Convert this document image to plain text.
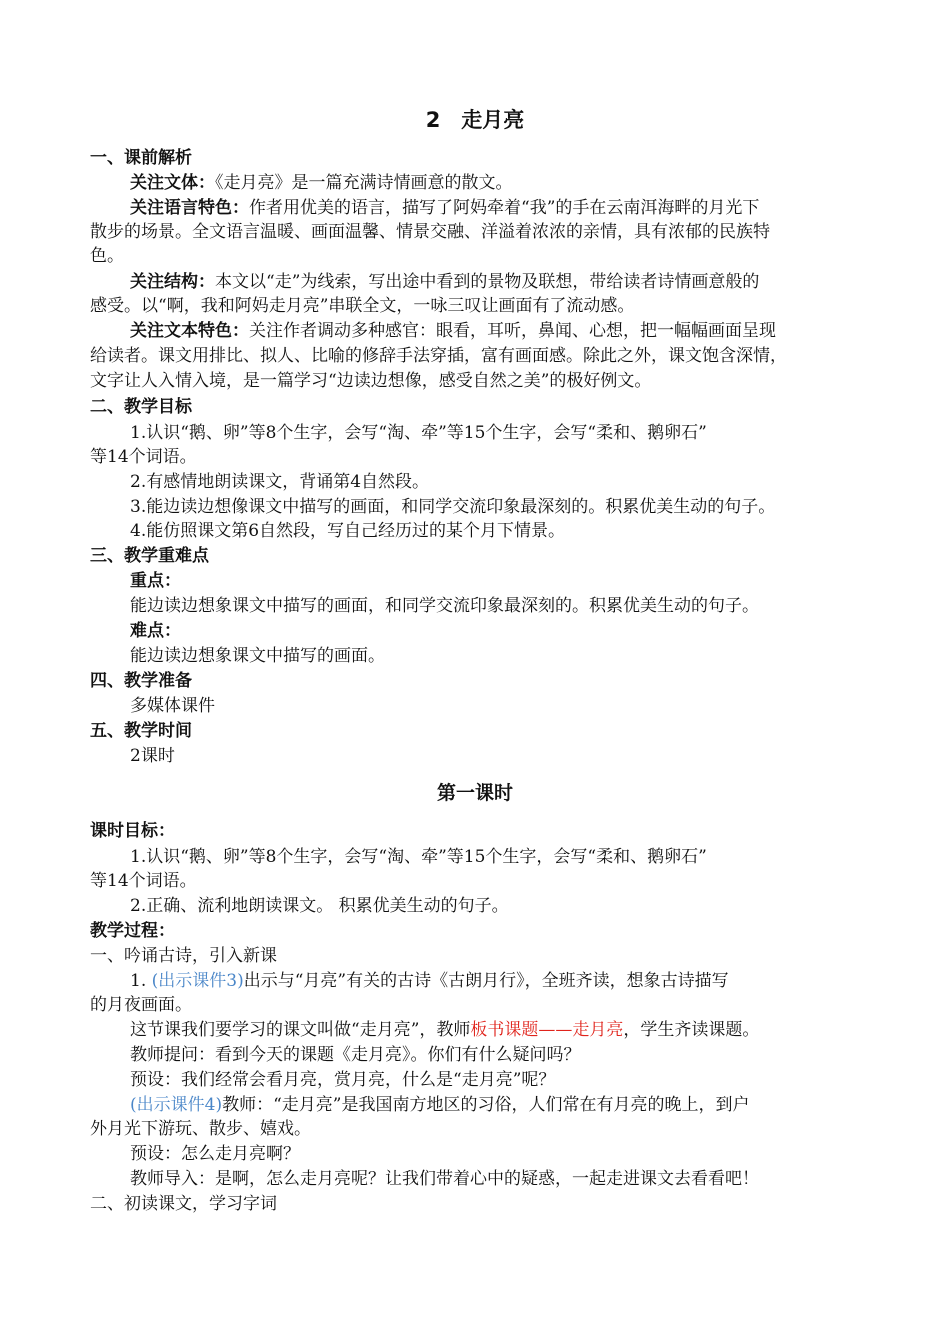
2　走月亮
一、课前解析
关注文体：《走月亮》是一篇充满诗情画意的散文。
关注语言特色：作者用优美的语言，描写了阿妈牵着“我”的手在云南洱海畔的月光下
散步的场景。全文语言温暖、画面温馨、情景交融、洋溢着浓浓的亲情，具有浓郁的民族特
色。
关注结构：本文以“走”为线索，写出途中看到的景物及联想，带给读者诗情画意般的
感受。以“啊，我和阿妈走月亮”串联全文，一咏三叹让画面有了流动感。
关注文本特色：关注作者调动多种感官：眼看，耳听，鼻闻、心想，把一幅幅画面呈现
给读者。课文用排比、拟人、比喻的修辞手法穿插，富有画面感。除此之外，课文饱含深情，
文字让人入情入境，是一篇学习“边读边想像，感受自然之美”的极好例文。
二、教学目标
1.认识“鹅、卵”等8个生字，会写“淘、牵”等15个生字，会写“柔和、鹅卵石”
等14个词语。
2.有感情地朗读课文，背诵第4自然段。
3.能边读边想像课文中描写的画面，和同学交流印象最深刻的。积累优美生动的句子。
4.能仿照课文第6自然段，写自己经历过的某个月下情景。
三、教学重难点
重点：
能边读边想象课文中描写的画面，和同学交流印象最深刻的。积累优美生动的句子。
难点：
能边读边想象课文中描写的画面。
四、教学准备
多媒体课件
五、教学时间
2课时
第一课时
课时目标：
1.认识“鹅、卵”等8个生字，会写“淘、牵”等15个生字，会写“柔和、鹅卵石”
等14个词语。
2.正确、流利地朗读课文。 积累优美生动的句子。
教学过程：
一、吟诵古诗，引入新课
1. (出示课件3)出示与“月亮”有关的古诗《古朗月行》，全班齐读，想象古诗描写
的月夜画面。
这节课我们要学习的课文叫做“走月亮”，教师板书课题——走月亮，学生齐读课题。
教师提问：看到今天的课题《走月亮》。你们有什么疑问吗？
预设：我们经常会看月亮，赏月亮，什么是“走月亮”呢？
(出示课件4)教师：“走月亮”是我国南方地区的习俗，人们常在有月亮的晚上，到户
外月光下游玩、散步、嬉戏。
预设：怎么走月亮啊？
教师导入：是啊，怎么走月亮呢？让我们带着心中的疑惑，一起走进课文去看看吧！
二、初读课文，学习字词
